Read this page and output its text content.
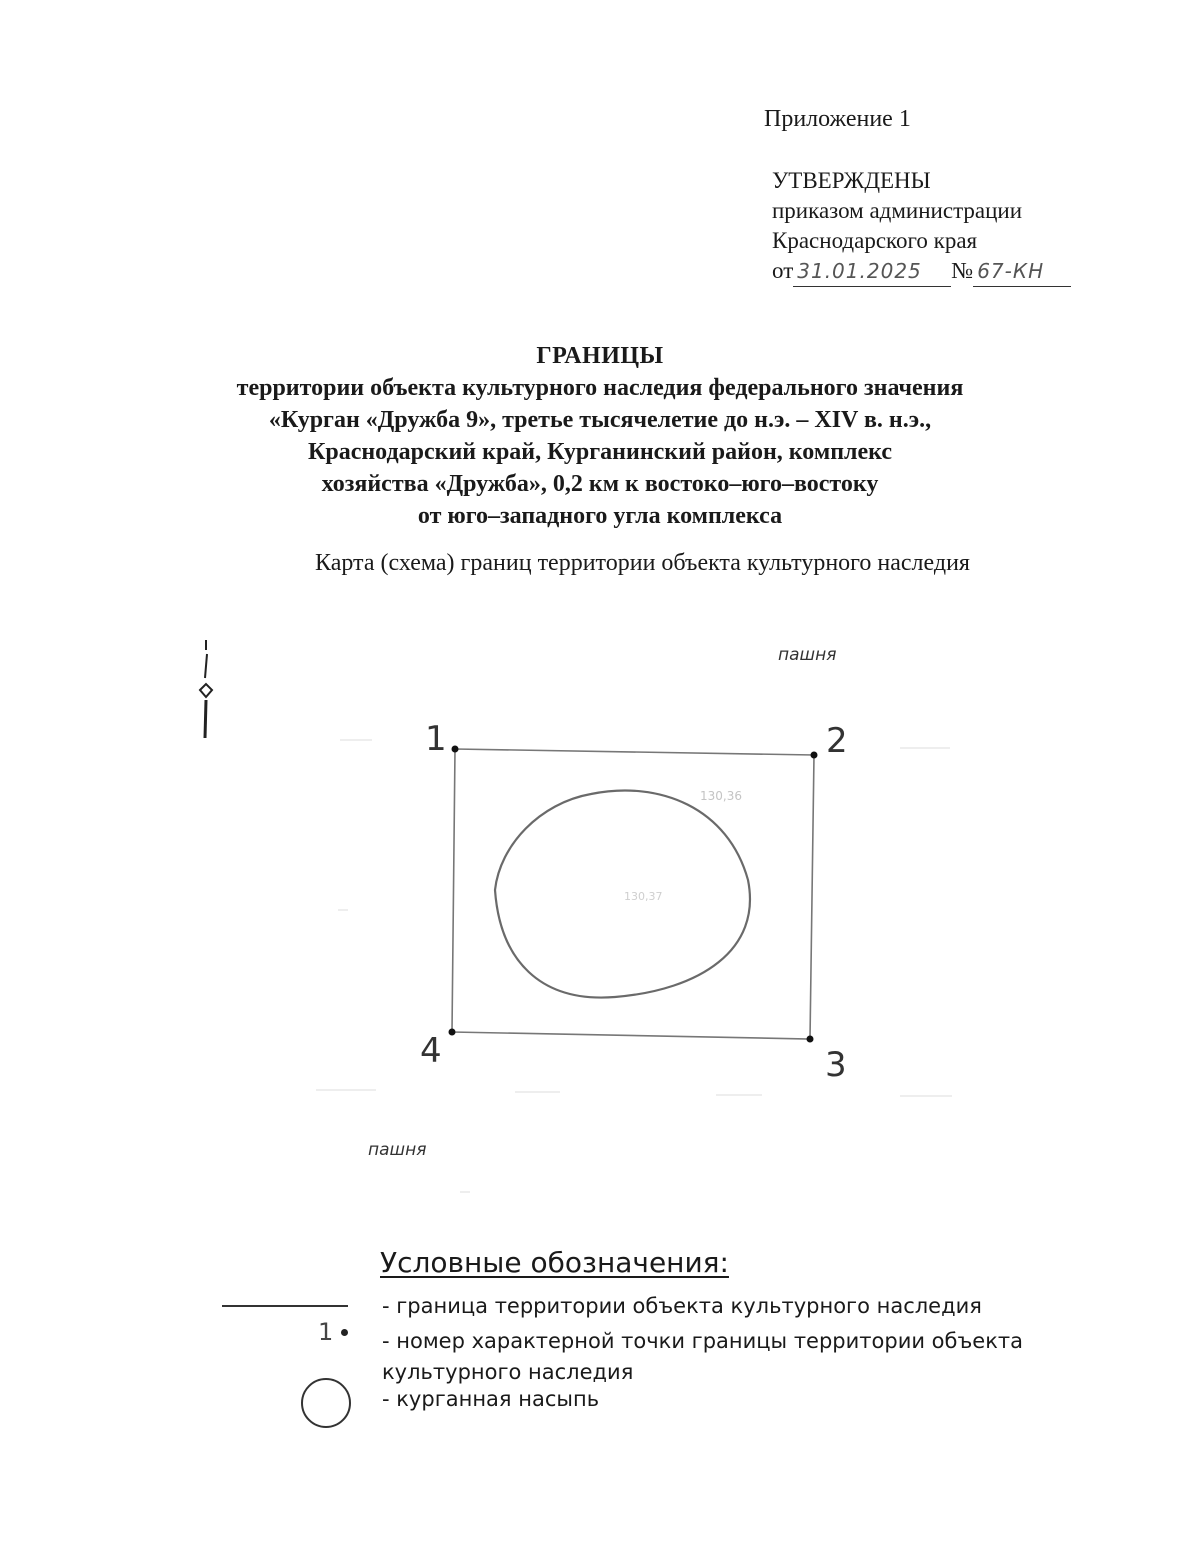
Приложение 1
УТВЕРЖДЕНЫ
приказом администрации
Краснодарского края
от 31.01.2025 № 67-КН
ГРАНИЦЫ
территории объекта культурного наследия федерального значения
«Курган «Дружба 9», третье тысячелетие до н.э. – XIV в. н.э.,
Краснодарский край, Курганинский район, комплекс
хозяйства «Дружба», 0,2 км к востоко–юго–востоку
от юго–западного угла комплекса
Карта (схема) границ территории объекта культурного наследия
пашня
пашня
130,36
130,37
1	2
3
4
Условные обозначения:
- граница территории объекта культурного наследия
1 - номер характерной точки границы территории объекта культурного наследия
- курганная насыпь
